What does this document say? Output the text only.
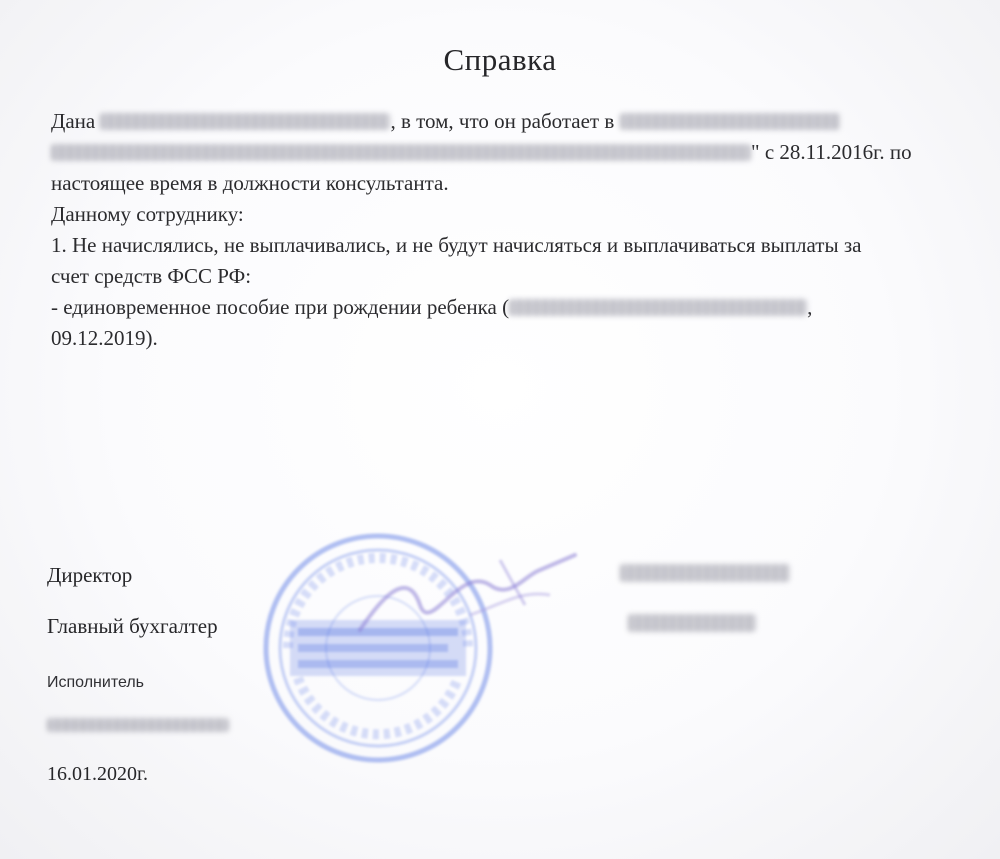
Справка
Дана	, в том, что он работает в
" с 28.11.2016г. по
настоящее время в должности консультанта.
Данному сотруднику:
1. Не начислялись, не выплачивались, и не будут начисляться и выплачиваться выплаты за
счет средств ФСС РФ:
- единовременное пособие при рождении ребенка (	,
09.12.2019).
Директор
Главный бухгалтер
Исполнитель
16.01.2020г.
